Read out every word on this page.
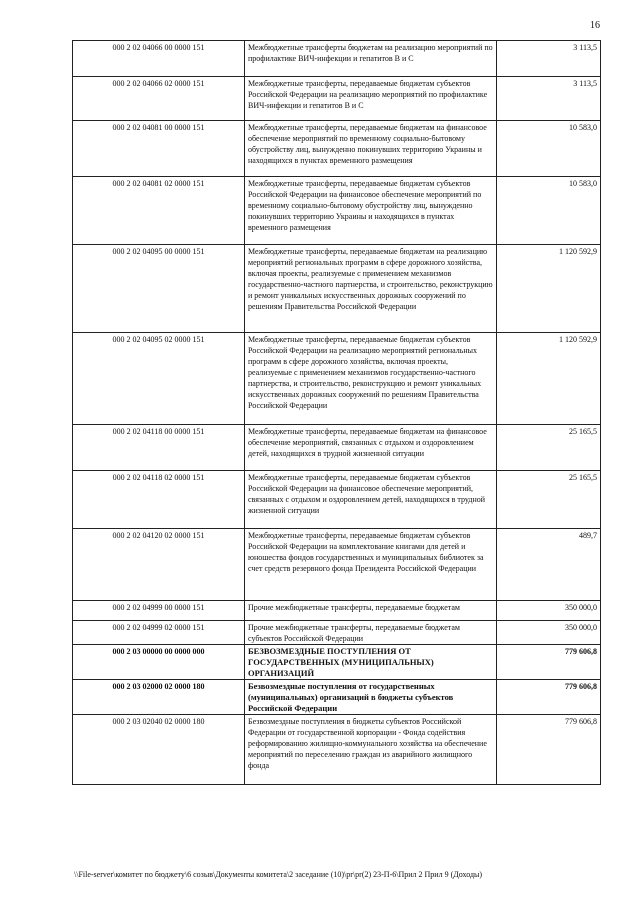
16
000 2 02 04066 00 0000 151	Межбюджетные трансферты бюджетам на реализацию мероприятий по профилактике ВИЧ-инфекции и гепатитов В и С	3 113,5
000 2 02 04066 02 0000 151	Межбюджетные трансферты, передаваемые бюджетам субъектов Российской Федерации на реализацию мероприятий по профилактике ВИЧ-инфекции и гепатитов В и С	3 113,5
000 2 02 04081 00 0000 151	Межбюджетные трансферты, передаваемые бюджетам на финансовое обеспечение мероприятий по временному социально-бытовому обустройству лиц, вынужденно покинувших территорию Украины и находящихся в пунктах временного размещения	10 583,0
000 2 02 04081 02 0000 151	Межбюджетные трансферты, передаваемые бюджетам субъектов Российской Федерации на финансовое обеспечение мероприятий по временному социально-бытовому обустройству лиц, вынужденно покинувших территорию Украины и находящихся в пунктах временного размещения	10 583,0
000 2 02 04095 00 0000 151	Межбюджетные трансферты, передаваемые бюджетам на реализацию мероприятий региональных программ в сфере дорожного хозяйства, включая проекты, реализуемые с применением механизмов государственно-частного партнерства, и строительство, реконструкцию и ремонт уникальных искусственных дорожных сооружений по решениям Правительства Российской Федерации	1 120 592,9
000 2 02 04095 02 0000 151	Межбюджетные трансферты, передаваемые бюджетам субъектов Российской Федерации на реализацию мероприятий региональных программ в сфере дорожного хозяйства, включая проекты, реализуемые с применением механизмов государственно-частного партнерства, и строительство, реконструкцию и ремонт уникальных искусственных дорожных сооружений по решениям Правительства Российской Федерации	1 120 592,9
000 2 02 04118 00 0000 151	Межбюджетные трансферты, передаваемые бюджетам на финансовое обеспечение мероприятий, связанных с отдыхом и оздоровлением детей, находящихся в трудной жизненной ситуации	25 165,5
000 2 02 04118 02 0000 151	Межбюджетные трансферты, передаваемые бюджетам субъектов Российской Федерации на финансовое обеспечение мероприятий, связанных с отдыхом и оздоровлением детей, находящихся в трудной жизненной ситуации	25 165,5
000 2 02 04120 02 0000 151	Межбюджетные трансферты, передаваемые бюджетам субъектов Российской Федерации на комплектование книгами для детей и юношества фондов государственных и муниципальных библиотек за счет средств резервного фонда Президента Российской Федерации	489,7
000 2 02 04999 00 0000 151	Прочие межбюджетные трансферты, передаваемые бюджетам	350 000,0
000 2 02 04999 02 0000 151	Прочие межбюджетные трансферты, передаваемые бюджетам субъектов Российской Федерации	350 000,0
000 2 03 00000 00 0000 000	БЕЗВОЗМЕЗДНЫЕ ПОСТУПЛЕНИЯ ОТ ГОСУДАРСТВЕННЫХ (МУНИЦИПАЛЬНЫХ) ОРГАНИЗАЦИЙ	779 606,8
000 2 03 02000 02 0000 180	Безвозмездные поступления от государственных (муниципальных) организаций в бюджеты субъектов Российской Федерации	779 606,8
000 2 03 02040 02 0000 180	Безвозмездные поступления в бюджеты субъектов Российской Федерации от государственной корпорации - Фонда содействия реформированию жилищно-коммунального хозяйства на обеспечение мероприятий по переселению граждан из аварийного жилищного фонда	779 606,8
\\File-server\комитет по бюджету\6 созыв\Документы комитета\2 заседание (10)\pr\pr(2) 23-П-6\Прил 2 Прил 9 (Доходы)
